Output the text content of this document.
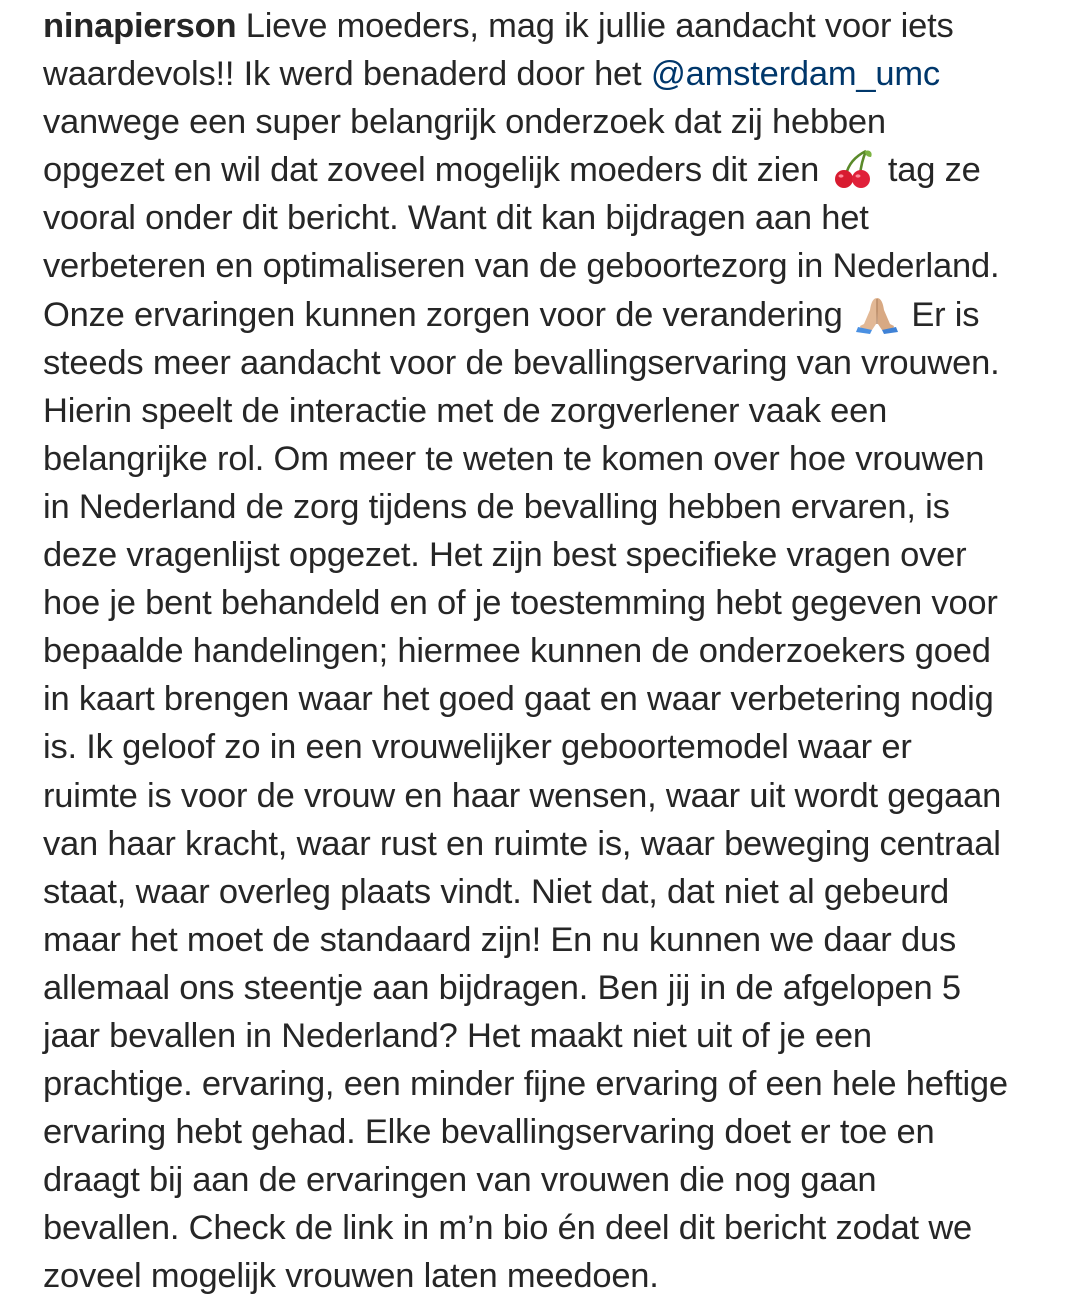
ninapierson Lieve moeders, mag ik jullie aandacht voor iets
waardevols!! Ik werd benaderd door het @amsterdam_umc
vanwege een super belangrijk onderzoek dat zij hebben
opgezet en wil dat zoveel mogelijk moeders dit zien  tag ze
vooral onder dit bericht. Want dit kan bijdragen aan het
verbeteren en optimaliseren van de geboortezorg in Nederland.
Onze ervaringen kunnen zorgen voor de verandering  Er is
steeds meer aandacht voor de bevallingservaring van vrouwen.
Hierin speelt de interactie met de zorgverlener vaak een
belangrijke rol. Om meer te weten te komen over hoe vrouwen
in Nederland de zorg tijdens de bevalling hebben ervaren, is
deze vragenlijst opgezet. Het zijn best specifieke vragen over
hoe je bent behandeld en of je toestemming hebt gegeven voor
bepaalde handelingen; hiermee kunnen de onderzoekers goed
in kaart brengen waar het goed gaat en waar verbetering nodig
is. Ik geloof zo in een vrouwelijker geboortemodel waar er
ruimte is voor de vrouw en haar wensen, waar uit wordt gegaan
van haar kracht, waar rust en ruimte is, waar beweging centraal
staat, waar overleg plaats vindt. Niet dat, dat niet al gebeurd
maar het moet de standaard zijn! En nu kunnen we daar dus
allemaal ons steentje aan bijdragen. Ben jij in de afgelopen 5
jaar bevallen in Nederland? Het maakt niet uit of je een
prachtige. ervaring, een minder fijne ervaring of een hele heftige
ervaring hebt gehad. Elke bevallingservaring doet er toe en
draagt bij aan de ervaringen van vrouwen die nog gaan
bevallen. Check de link in m’n bio én deel dit bericht zodat we
zoveel mogelijk vrouwen laten meedoen.
